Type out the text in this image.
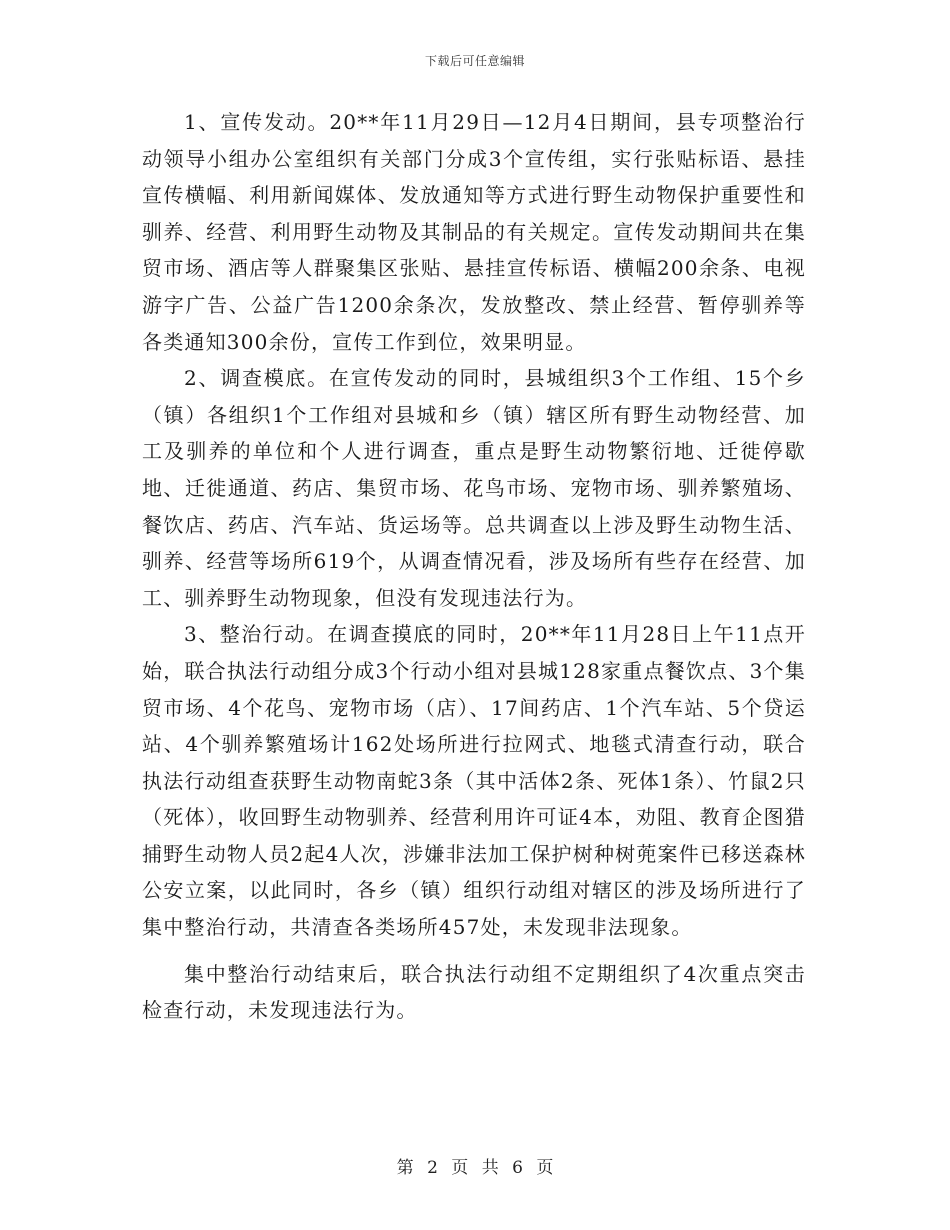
下载后可任意编辑

1、宣传发动。20**年11月29日—12月4日期间，县专项整治行动领导小组办公室组织有关部门分成3个宣传组，实行张贴标语、悬挂宣传横幅、利用新闻媒体、发放通知等方式进行野生动物保护重要性和驯养、经营、利用野生动物及其制品的有关规定。宣传发动期间共在集贸市场、酒店等人群聚集区张贴、悬挂宣传标语、横幅200余条、电视游字广告、公益广告1200余条次，发放整改、禁止经营、暂停驯养等各类通知300余份，宣传工作到位，效果明显。

2、调查模底。在宣传发动的同时，县城组织3个工作组、15个乡（镇）各组织1个工作组对县城和乡（镇）辖区所有野生动物经营、加工及驯养的单位和个人进行调查，重点是野生动物繁衍地、迁徙停歇地、迁徙通道、药店、集贸市场、花鸟市场、宠物市场、驯养繁殖场、餐饮店、药店、汽车站、货运场等。总共调查以上涉及野生动物生活、驯养、经营等场所619个，从调查情况看，涉及场所有些存在经营、加工、驯养野生动物现象，但没有发现违法行为。

3、整治行动。在调查摸底的同时，20**年11月28日上午11点开始，联合执法行动组分成3个行动小组对县城128家重点餐饮点、3个集贸市场、4个花鸟、宠物市场（店）、17间药店、1个汽车站、5个贷运站、4个驯养繁殖场计162处场所进行拉网式、地毯式清查行动，联合执法行动组查获野生动物南蛇3条（其中活体2条、死体1条）、竹鼠2只（死体），收回野生动物驯养、经营利用许可证4本，劝阻、教育企图猎捕野生动物人员2起4人次，涉嫌非法加工保护树种树蔸案件已移送森林公安立案，以此同时，各乡（镇）组织行动组对辖区的涉及场所进行了集中整治行动，共清查各类场所457处，未发现非法现象。

集中整治行动结束后，联合执法行动组不定期组织了4次重点突击检查行动，未发现违法行为。

第 2 页 共 6 页
